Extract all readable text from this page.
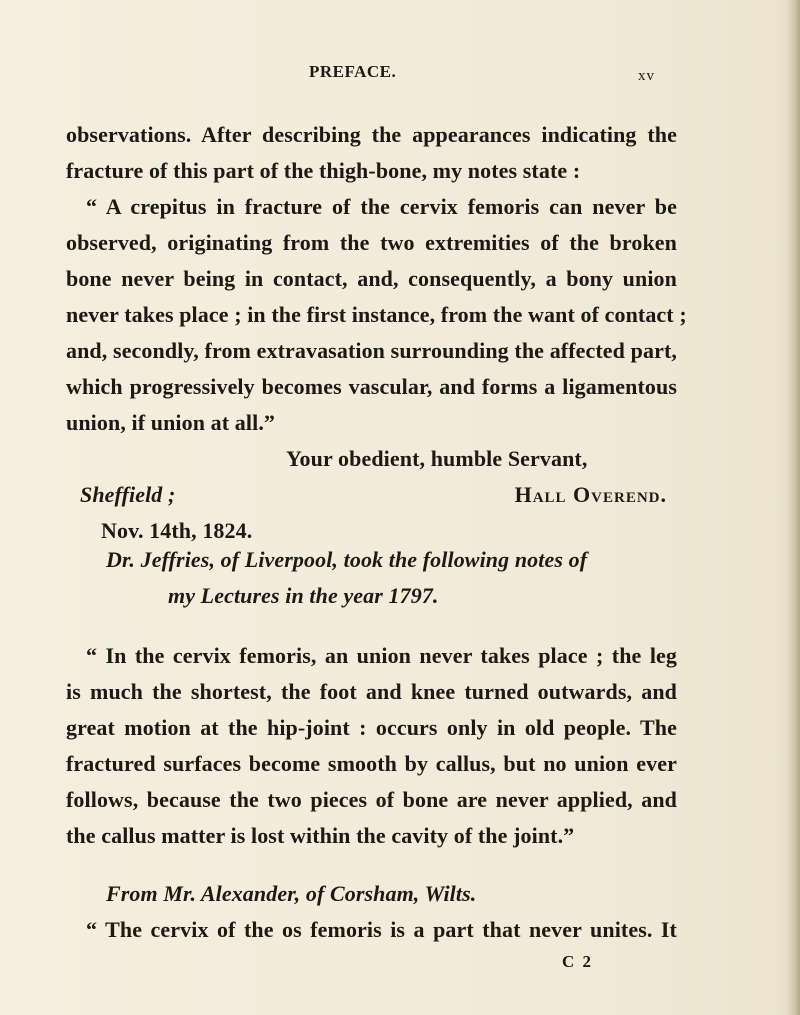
PREFACE.	xv
observations. After describing the appearances indicating the
fracture of this part of the thigh-bone, my notes state :
“ A crepitus in fracture of the cervix femoris can never be
observed, originating from the two extremities of the broken
bone never being in contact, and, consequently, a bony union
never takes place ; in the first instance, from the want of contact ;
and, secondly, from extravasation surrounding the affected part,
which progressively becomes vascular, and forms a ligamentous
union, if union at all.”
Your obedient, humble Servant,
Sheffield ;	Hall Overend.
Nov. 14th, 1824.
Dr. Jeffries, of Liverpool, took the following notes of
my Lectures in the year 1797.
“ In the cervix femoris, an union never takes place ; the leg
is much the shortest, the foot and knee turned outwards, and
great motion at the hip-joint : occurs only in old people. The
fractured surfaces become smooth by callus, but no union ever
follows, because the two pieces of bone are never applied, and
the callus matter is lost within the cavity of the joint.”
From Mr. Alexander, of Corsham, Wilts.
“ The cervix of the os femoris is a part that never unites. It
C 2
